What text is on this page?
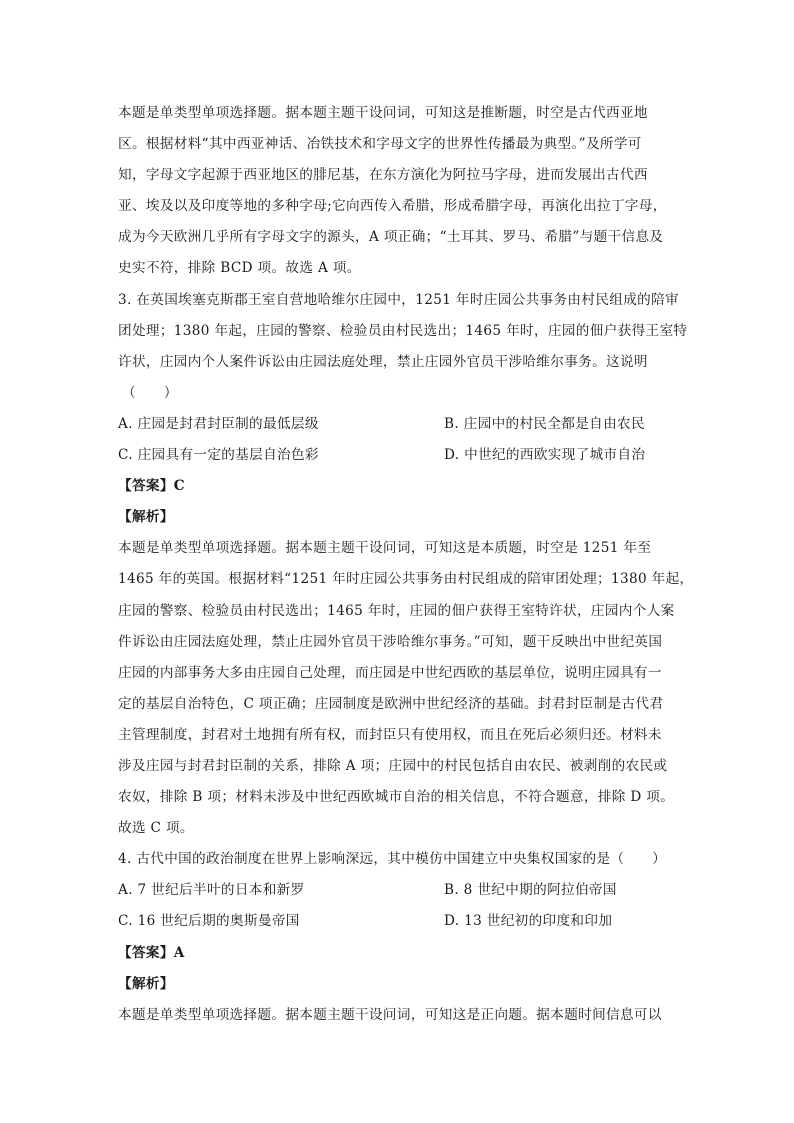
本题是单类型单项选择题。据本题主题干设问词，可知这是推断题，时空是古代西亚地
区。根据材料“其中西亚神话、冶铁技术和字母文字的世界性传播最为典型。”及所学可
知，字母文字起源于西亚地区的腓尼基，在东方演化为阿拉马字母，进而发展出古代西
亚、埃及以及印度等地的多种字母;它向西传入希腊，形成希腊字母，再演化出拉丁字母，
成为今天欧洲几乎所有字母文字的源头，A 项正确；“土耳其、罗马、希腊”与题干信息及
史实不符，排除 BCD 项。故选 A 项。
3. 在英国埃塞克斯郡王室自营地哈维尔庄园中，1251 年时庄园公共事务由村民组成的陪审
团处理；1380 年起，庄园的警察、检验员由村民选出；1465 年时，庄园的佃户获得王室特
许状，庄园内个人案件诉讼由庄园法庭处理，禁止庄园外官员干涉哈维尔事务。这说明
（　　）
A. 庄园是封君封臣制的最低层级	B. 庄园中的村民全都是自由农民
C. 庄园具有一定的基层自治色彩	D. 中世纪的西欧实现了城市自治
【答案】C
【解析】
本题是单类型单项选择题。据本题主题干设问词，可知这是本质题，时空是 1251 年至
1465 年的英国。根据材料“1251 年时庄园公共事务由村民组成的陪审团处理；1380 年起，
庄园的警察、检验员由村民选出；1465 年时，庄园的佃户获得王室特许状，庄园内个人案
件诉讼由庄园法庭处理，禁止庄园外官员干涉哈维尔事务。”可知，题干反映出中世纪英国
庄园的内部事务大多由庄园自己处理，而庄园是中世纪西欧的基层单位，说明庄园具有一
定的基层自治特色，C 项正确；庄园制度是欧洲中世纪经济的基础。封君封臣制是古代君
主管理制度，封君对土地拥有所有权，而封臣只有使用权，而且在死后必须归还。材料未
涉及庄园与封君封臣制的关系，排除 A 项；庄园中的村民包括自由农民、被剥削的农民或
农奴，排除 B 项；材料未涉及中世纪西欧城市自治的相关信息，不符合题意，排除 D 项。
故选 C 项。
4. 古代中国的政治制度在世界上影响深远，其中模仿中国建立中央集权国家的是（　　）
A. 7 世纪后半叶的日本和新罗	B. 8 世纪中期的阿拉伯帝国
C. 16 世纪后期的奥斯曼帝国	D. 13 世纪初的印度和印加
【答案】A
【解析】
本题是单类型单项选择题。据本题主题干设问词，可知这是正向题。据本题时间信息可以
